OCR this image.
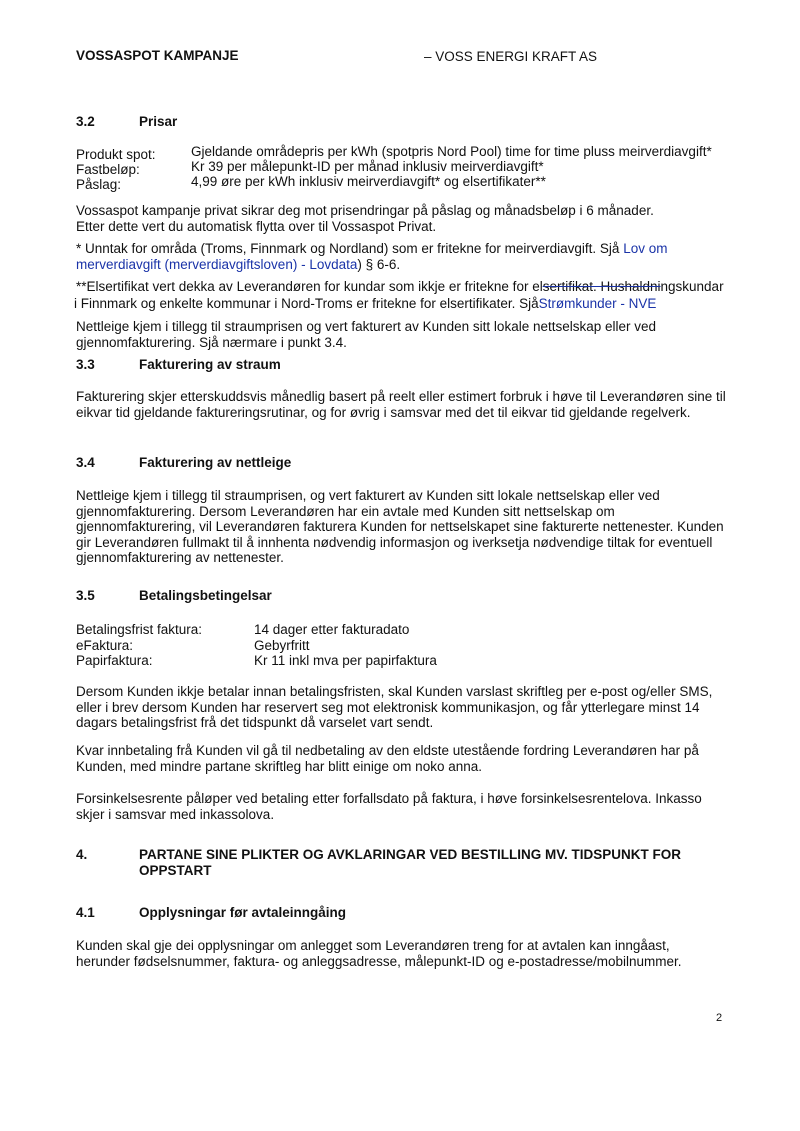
VOSSASPOT KAMPANJE	– VOSS ENERGI KRAFT AS
3.2	Prisar
Produkt spot:	Gjeldande områdepris per kWh (spotpris Nord Pool) time for time pluss meirverdiavgift*
Fastbeløp:	Kr 39 per målepunkt-ID per månad inklusiv meirverdiavgift*
Påslag:	4,99 øre per kWh inklusiv meirverdiavgift* og elsertifikater**
Vossaspot kampanje privat sikrar deg mot prisendringar på påslag og månadsbeløp i 6 månader.
Etter dette vert du automatisk flytta over til Vossaspot Privat.
* Unntak for områda (Troms, Finnmark og Nordland) som er fritekne for meirverdiavgift. Sjå Lov om
merverdiavgift (merverdiavgiftsloven) - Lovdata) § 6-6.
**Elsertifikat vert dekka av Leverandøren for kundar som ikkje er fritekne for elsertifikat. Hushaldningskundar
i Finnmark og enkelte kommunar i Nord-Troms er fritekne for elsertifikater. SjåStrømkunder - NVE
Nettleige kjem i tillegg til straumprisen og vert fakturert av Kunden sitt lokale nettselskap eller ved
gjennomfakturering. Sjå nærmare i punkt 3.4.
3.3	Fakturering av straum
Fakturering skjer etterskuddsvis månedlig basert på reelt eller estimert forbruk i høve til Leverandøren sine til
eikvar tid gjeldande faktureringsrutinar, og for øvrig i samsvar med det til eikvar tid gjeldande regelverk.
3.4	Fakturering av nettleige
Nettleige kjem i tillegg til straumprisen, og vert fakturert av Kunden sitt lokale nettselskap eller ved
gjennomfakturering. Dersom Leverandøren har ein avtale med Kunden sitt nettselskap om
gjennomfakturering, vil Leverandøren fakturera Kunden for nettselskapet sine fakturerte nettenester. Kunden
gir Leverandøren fullmakt til å innhenta nødvendig informasjon og iverksetja nødvendige tiltak for eventuell
gjennomfakturering av nettenester.
3.5	Betalingsbetingelsar
Betalingsfrist faktura:	14 dager etter fakturadato
eFaktura:	Gebyrfritt
Papirfaktura:	Kr 11 inkl mva per papirfaktura
Dersom Kunden ikkje betalar innan betalingsfristen, skal Kunden varslast skriftleg per e-post og/eller SMS,
eller i brev dersom Kunden har reservert seg mot elektronisk kommunikasjon, og får ytterlegare minst 14
dagars betalingsfrist frå det tidspunkt då varselet vart sendt.
Kvar innbetaling frå Kunden vil gå til nedbetaling av den eldste utestående fordring Leverandøren har på
Kunden, med mindre partane skriftleg har blitt einige om noko anna.
Forsinkelsesrente påløper ved betaling etter forfallsdato på faktura, i høve forsinkelsesrentelova. Inkasso
skjer i samsvar med inkassolova.
4.	PARTANE SINE PLIKTER OG AVKLARINGAR VED BESTILLING MV. TIDSPUNKT FOR
OPPSTART
4.1	Opplysningar før avtaleinngåing
Kunden skal gje dei opplysningar om anlegget som Leverandøren treng for at avtalen kan inngåast,
herunder fødselsnummer, faktura- og anleggsadresse, målepunkt-ID og e-postadresse/mobilnummer.
2
